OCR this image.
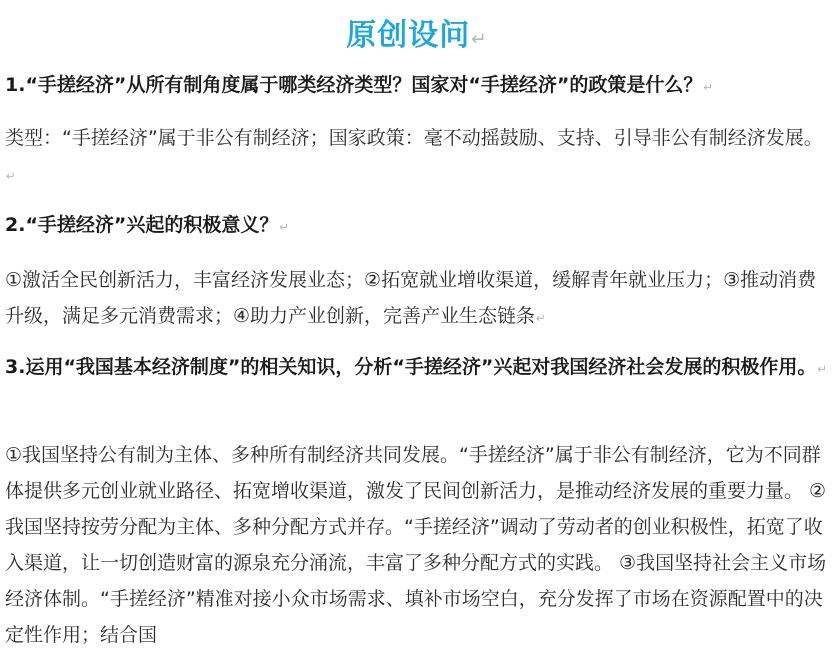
原创设问↵
1.“手搓经济”从所有制角度属于哪类经济类型？国家对“手搓经济”的政策是什么？↵
类型：“手搓经济”属于非公有制经济；国家政策：毫不动摇鼓励、支持、引导非公有制经济发展。↵
2.“手搓经济”兴起的积极意义？↵
①激活全民创新活力，丰富经济发展业态；②拓宽就业增收渠道，缓解青年就业压力；③推动消费升级，满足多元消费需求；④助力产业创新，完善产业生态链条↵
3.运用“我国基本经济制度”的相关知识，分析“手搓经济”兴起对我国经济社会发展的积极作用。↵
①我国坚持公有制为主体、多种所有制经济共同发展。“手搓经济”属于非公有制经济，它为不同群体提供多元创业就业路径、拓宽增收渠道，激发了民间创新活力，是推动经济发展的重要力量。 ②我国坚持按劳分配为主体、多种分配方式并存。“手搓经济”调动了劳动者的创业积极性，拓宽了收入渠道，让一切创造财富的源泉充分涌流，丰富了多种分配方式的实践。 ③我国坚持社会主义市场经济体制。“手搓经济”精准对接小众市场需求、填补市场空白，充分发挥了市场在资源配置中的决定性作用；结合国
